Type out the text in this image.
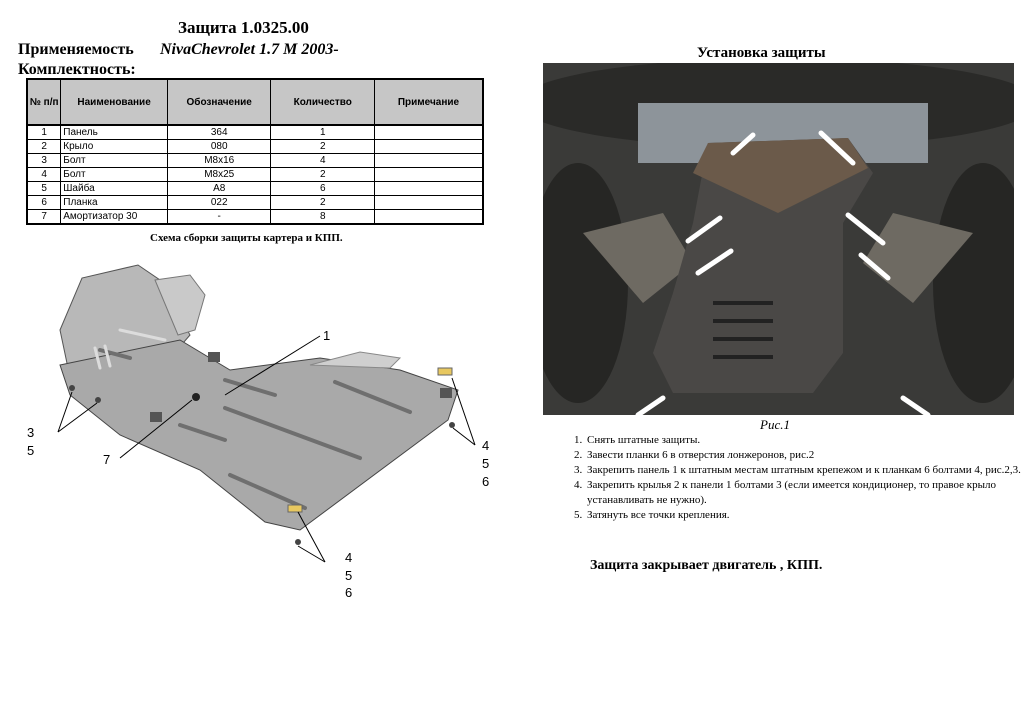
Защита 1.0325.00
Применяемость NivaChevrolet 1.7 M 2003-
Комплектность:
№ п/п	Наименование	Обозначение	Количество	Примечание
1	Панель	364	1	
2	Крыло	080	2	
3	Болт	М8х16	4	
4	Болт	М8х25	2	
5	Шайба	А8	6	
6	Планка	022	2	
7	Амортизатор 30	-	8	
Схема сборки защиты картера и КПП.
1
3
5
7
4
5
6
4
5
6
Установка защиты
Рис.1
1. Снять штатные защиты.
2. Завести планки 6 в отверстия лонжеронов, рис.2
3. Закрепить панель 1 к штатным местам штатным крепежом и к планкам 6 болтами 4, рис.2,3.
4. Закрепить крылья 2 к панели 1 болтами 3 (если имеется кондиционер, то правое крыло устанавливать не нужно).
5. Затянуть все точки крепления.
Защита закрывает двигатель , КПП.
